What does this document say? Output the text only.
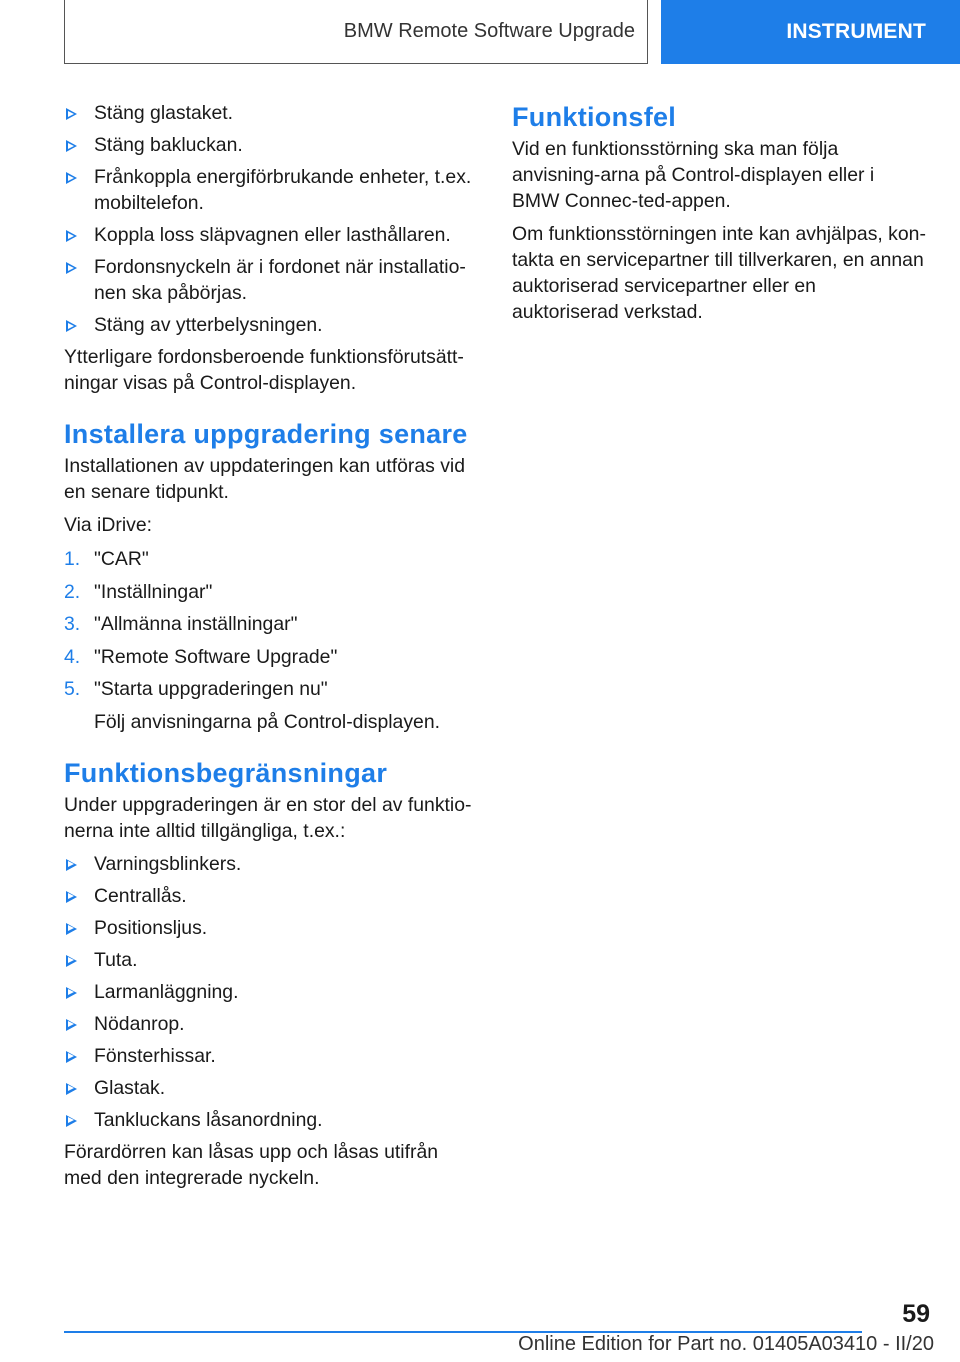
BMW Remote Software Upgrade	INSTRUMENT
Stäng glastaket.
Stäng bakluckan.
Frånkoppla energiförbrukande enheter, t.ex. mobiltelefon.
Koppla loss släpvagnen eller lasthållaren.
Fordonsnyckeln är i fordonet när installatio‐nen ska påbörjas.
Stäng av ytterbelysningen.

Ytterligare fordonsberoende funktionsförutsätt‐ningar visas på Control-displayen.

Installera uppgradering senare

Installationen av uppdateringen kan utföras vid en senare tidpunkt.

Via iDrive:

1. "CAR"
2. "Inställningar"
3. "Allmänna inställningar"
4. "Remote Software Upgrade"
5. "Starta uppgraderingen nu"

Följ anvisningarna på Control-displayen.

Funktionsbegränsningar

Under uppgraderingen är en stor del av funktio‐nerna inte alltid tillgängliga, t.ex.:

Varningsblinkers.
Centrallås.
Positionsljus.
Tuta.
Larmanläggning.
Nödanrop.
Fönsterhissar.
Glastak.
Tankluckans låsanordning.

Förardörren kan låsas upp och låsas utifrån med den integrerade nyckeln.

Funktionsfel

Vid en funktionsstörning ska man följa anvisning‐arna på Control-displayen eller i BMW Connec‐ted-appen.

Om funktionsstörningen inte kan avhjälpas, kon‐takta en servicepartner till tillverkaren, en annan auktoriserad servicepartner eller en auktoriserad verkstad.

59
Online Edition for Part no. 01405A03410 - II/20
